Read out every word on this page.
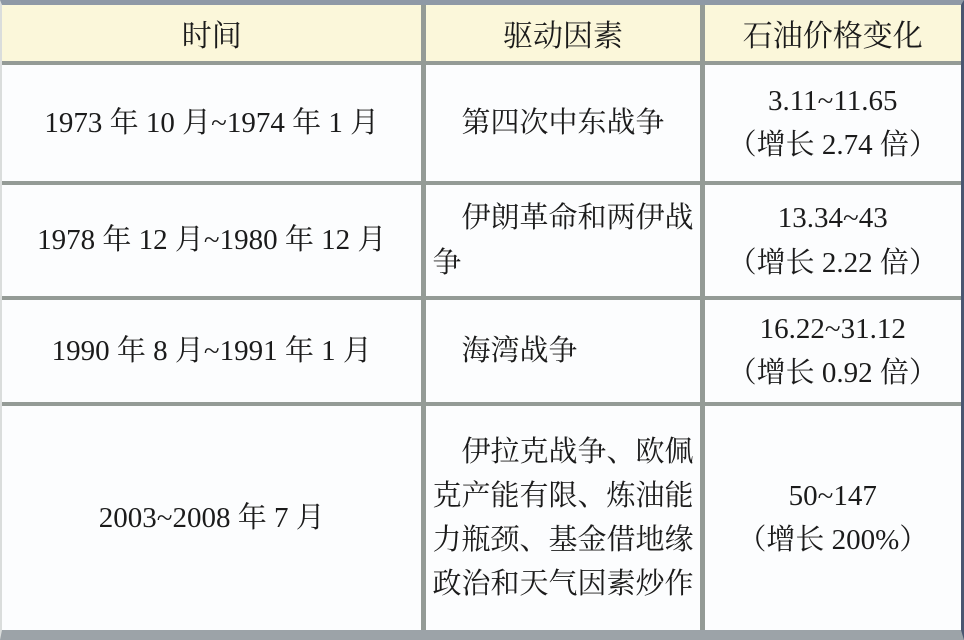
时间	驱动因素	石油价格变化
1973 年 10 月~1974 年 1 月	第四次中东战争	3.11~11.65
（增长 2.74 倍）

1978 年 12 月~1980 年 12 月	伊朗革命和两伊战争	13.34~43
（增长 2.22 倍）

1990 年 8 月~1991 年 1 月	海湾战争	16.22~31.12
（增长 0.92 倍）

2003~2008 年 7 月	伊拉克战争、欧佩克产能有限、炼油能力瓶颈、基金借地缘政治和天气因素炒作	50~147
（增长 200%）
